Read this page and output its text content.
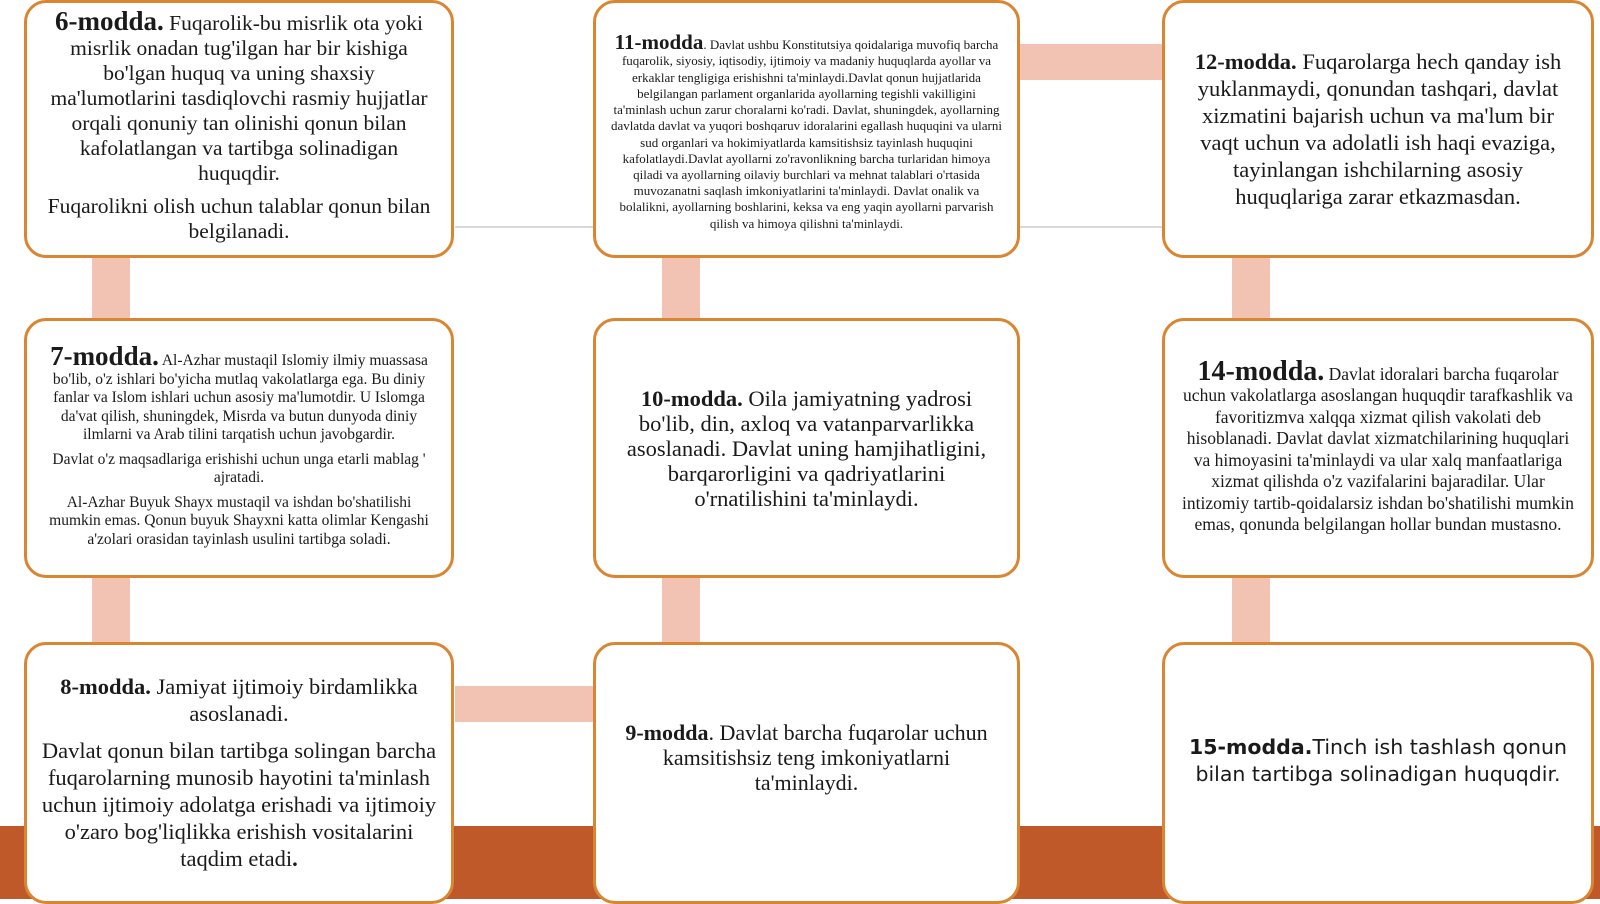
6-modda. Fuqarolik-bu misrlik ota yoki misrlik onadan tug'ilgan har bir kishiga bo'lgan huquq va uning shaxsiy ma'lumotlarini tasdiqlovchi rasmiy hujjatlar orqali qonuniy tan olinishi qonun bilan kafolatlangan va tartibga solinadigan huquqdir.

Fuqarolikni olish uchun talablar qonun bilan belgilanadi.

7-modda. Al-Azhar mustaqil Islomiy ilmiy muassasa bo'lib, o'z ishlari bo'yicha mutlaq vakolatlarga ega. Bu diniy fanlar va Islom ishlari uchun asosiy ma'lumotdir. U Islomga da'vat qilish, shuningdek, Misrda va butun dunyoda diniy ilmlarni va Arab tilini tarqatish uchun javobgardir.

Davlat o'z maqsadlariga erishishi uchun unga etarli mablag ' ajratadi.

Al-Azhar Buyuk Shayx mustaqil va ishdan bo'shatilishi mumkin emas. Qonun buyuk Shayxni katta olimlar Kengashi a'zolari orasidan tayinlash usulini tartibga soladi.

8-modda. Jamiyat ijtimoiy birdamlikka asoslanadi.

Davlat qonun bilan tartibga solingan barcha fuqarolarning munosib hayotini ta'minlash uchun ijtimoiy adolatga erishadi va ijtimoiy o'zaro bog'liqlikka erishish vositalarini taqdim etadi.

11-modda. Davlat ushbu Konstitutsiya qoidalariga muvofiq barcha fuqarolik, siyosiy, iqtisodiy, ijtimoiy va madaniy huquqlarda ayollar va erkaklar tengligiga erishishni ta'minlaydi.Davlat qonun hujjatlarida belgilangan parlament organlarida ayollarning tegishli vakilligini ta'minlash uchun zarur choralarni ko'radi. Davlat, shuningdek, ayollarning davlatda davlat va yuqori boshqaruv idoralarini egallash huquqini va ularni sud organlari va hokimiyatlarda kamsitishsiz tayinlash huquqini kafolatlaydi.Davlat ayollarni zo'ravonlikning barcha turlaridan himoya qiladi va ayollarning oilaviy burchlari va mehnat talablari o'rtasida muvozanatni saqlash imkoniyatlarini ta'minlaydi. Davlat onalik va bolalikni, ayollarning boshlarini, keksa va eng yaqin ayollarni parvarish qilish va himoya qilishni ta'minlaydi.

10-modda. Oila jamiyatning yadrosi bo'lib, din, axloq va vatanparvarlikka asoslanadi. Davlat uning hamjihatligini, barqarorligini va qadriyatlarini o'rnatilishini ta'minlaydi.

9-modda. Davlat barcha fuqarolar uchun kamsitishsiz teng imkoniyatlarni ta'minlaydi.

12-modda. Fuqarolarga hech qanday ish yuklanmaydi, qonundan tashqari, davlat xizmatini bajarish uchun va ma'lum bir vaqt uchun va adolatli ish haqi evaziga, tayinlangan ishchilarning asosiy huquqlariga zarar etkazmasdan.

14-modda. Davlat idoralari barcha fuqarolar uchun vakolatlarga asoslangan huquqdir tarafkashlik va favoritizmva xalqqa xizmat qilish vakolati deb hisoblanadi. Davlat davlat xizmatchilarining huquqlari va himoyasini ta'minlaydi va ular xalq manfaatlariga xizmat qilishda o'z vazifalarini bajaradilar. Ular intizomiy tartib-qoidalarsiz ishdan bo'shatilishi mumkin emas, qonunda belgilangan hollar bundan mustasno.

15-modda.Tinch ish tashlash qonun bilan tartibga solinadigan huquqdir.
